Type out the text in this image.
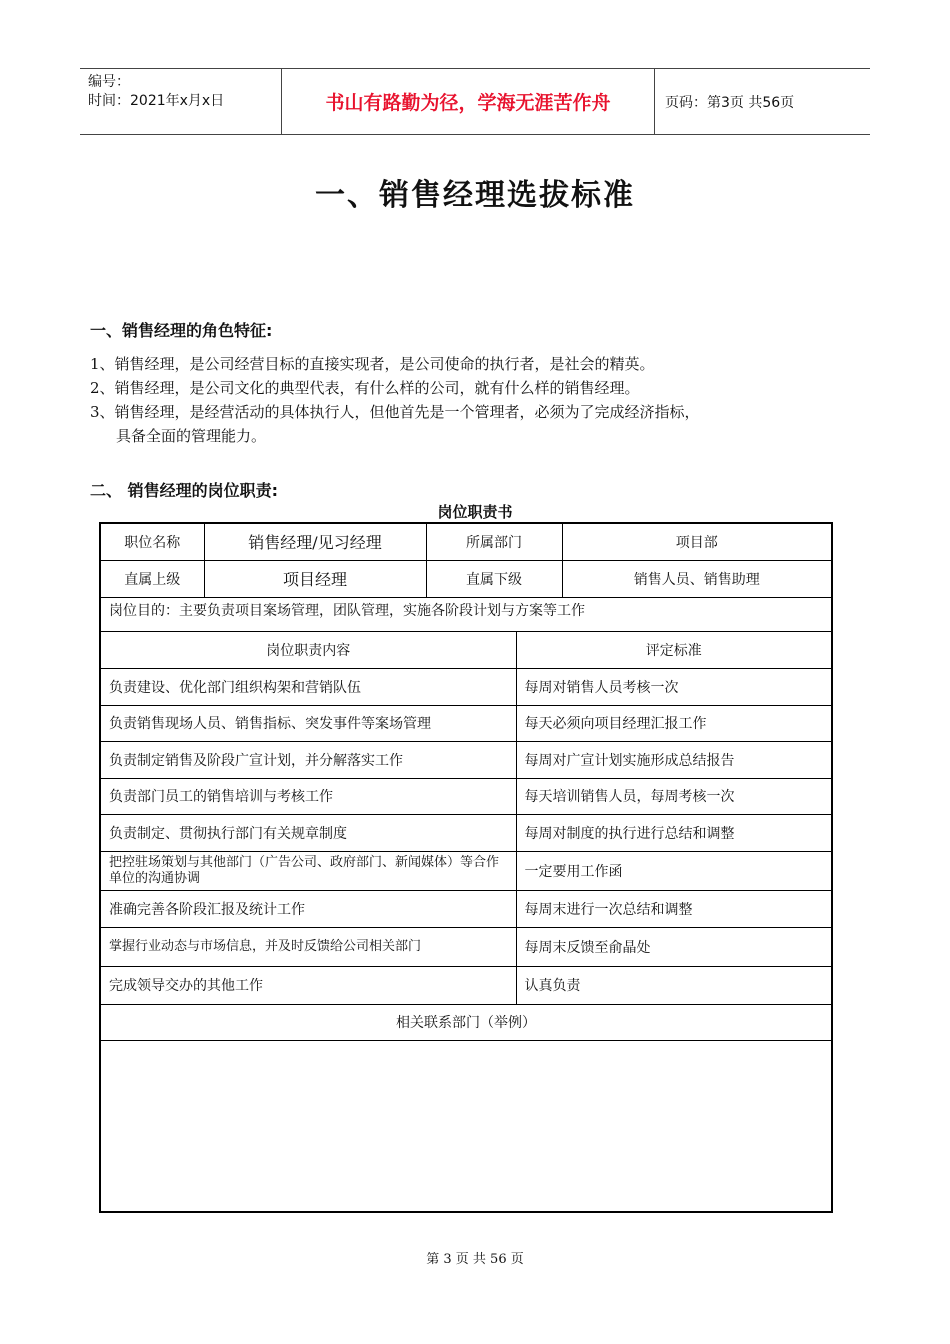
编号：
时间：2021年x月x日	书山有路勤为径，学海无涯苦作舟	页码：第3页 共56页
一、销售经理选拔标准
一、销售经理的角色特征:
1、销售经理，是公司经营目标的直接实现者，是公司使命的执行者，是社会的精英。
2、销售经理，是公司文化的典型代表，有什么样的公司，就有什么样的销售经理。
3、销售经理，是经营活动的具体执行人，但他首先是一个管理者，必须为了完成经济指标，
具备全面的管理能力。
二、 销售经理的岗位职责:
岗位职责书
职位名称	销售经理/见习经理	所属部门		项目部
直属上级	项目经理	直属下级		销售人员、销售助理
岗位目的：主要负责项目案场管理，团队管理，实施各阶段计划与方案等工作				
岗位职责内容			评定标准	
负责建设、优化部门组织构架和营销队伍			每周对销售人员考核一次	
负责销售现场人员、销售指标、突发事件等案场管理			每天必须向项目经理汇报工作	
负责制定销售及阶段广宣计划，并分解落实工作			每周对广宣计划实施形成总结报告	
负责部门员工的销售培训与考核工作			每天培训销售人员，每周考核一次	
负责制定、贯彻执行部门有关规章制度			每周对制度的执行进行总结和调整	
把控驻场策划与其他部门（广告公司、政府部门、新闻媒体）等合作单位的沟通协调			一定要用工作函	
准确完善各阶段汇报及统计工作			每周末进行一次总结和调整	
掌握行业动态与市场信息，并及时反馈给公司相关部门			每周末反馈至俞晶处	
完成领导交办的其他工作			认真负责	
相关联系部门（举例）				

第 3 页 共 56 页
